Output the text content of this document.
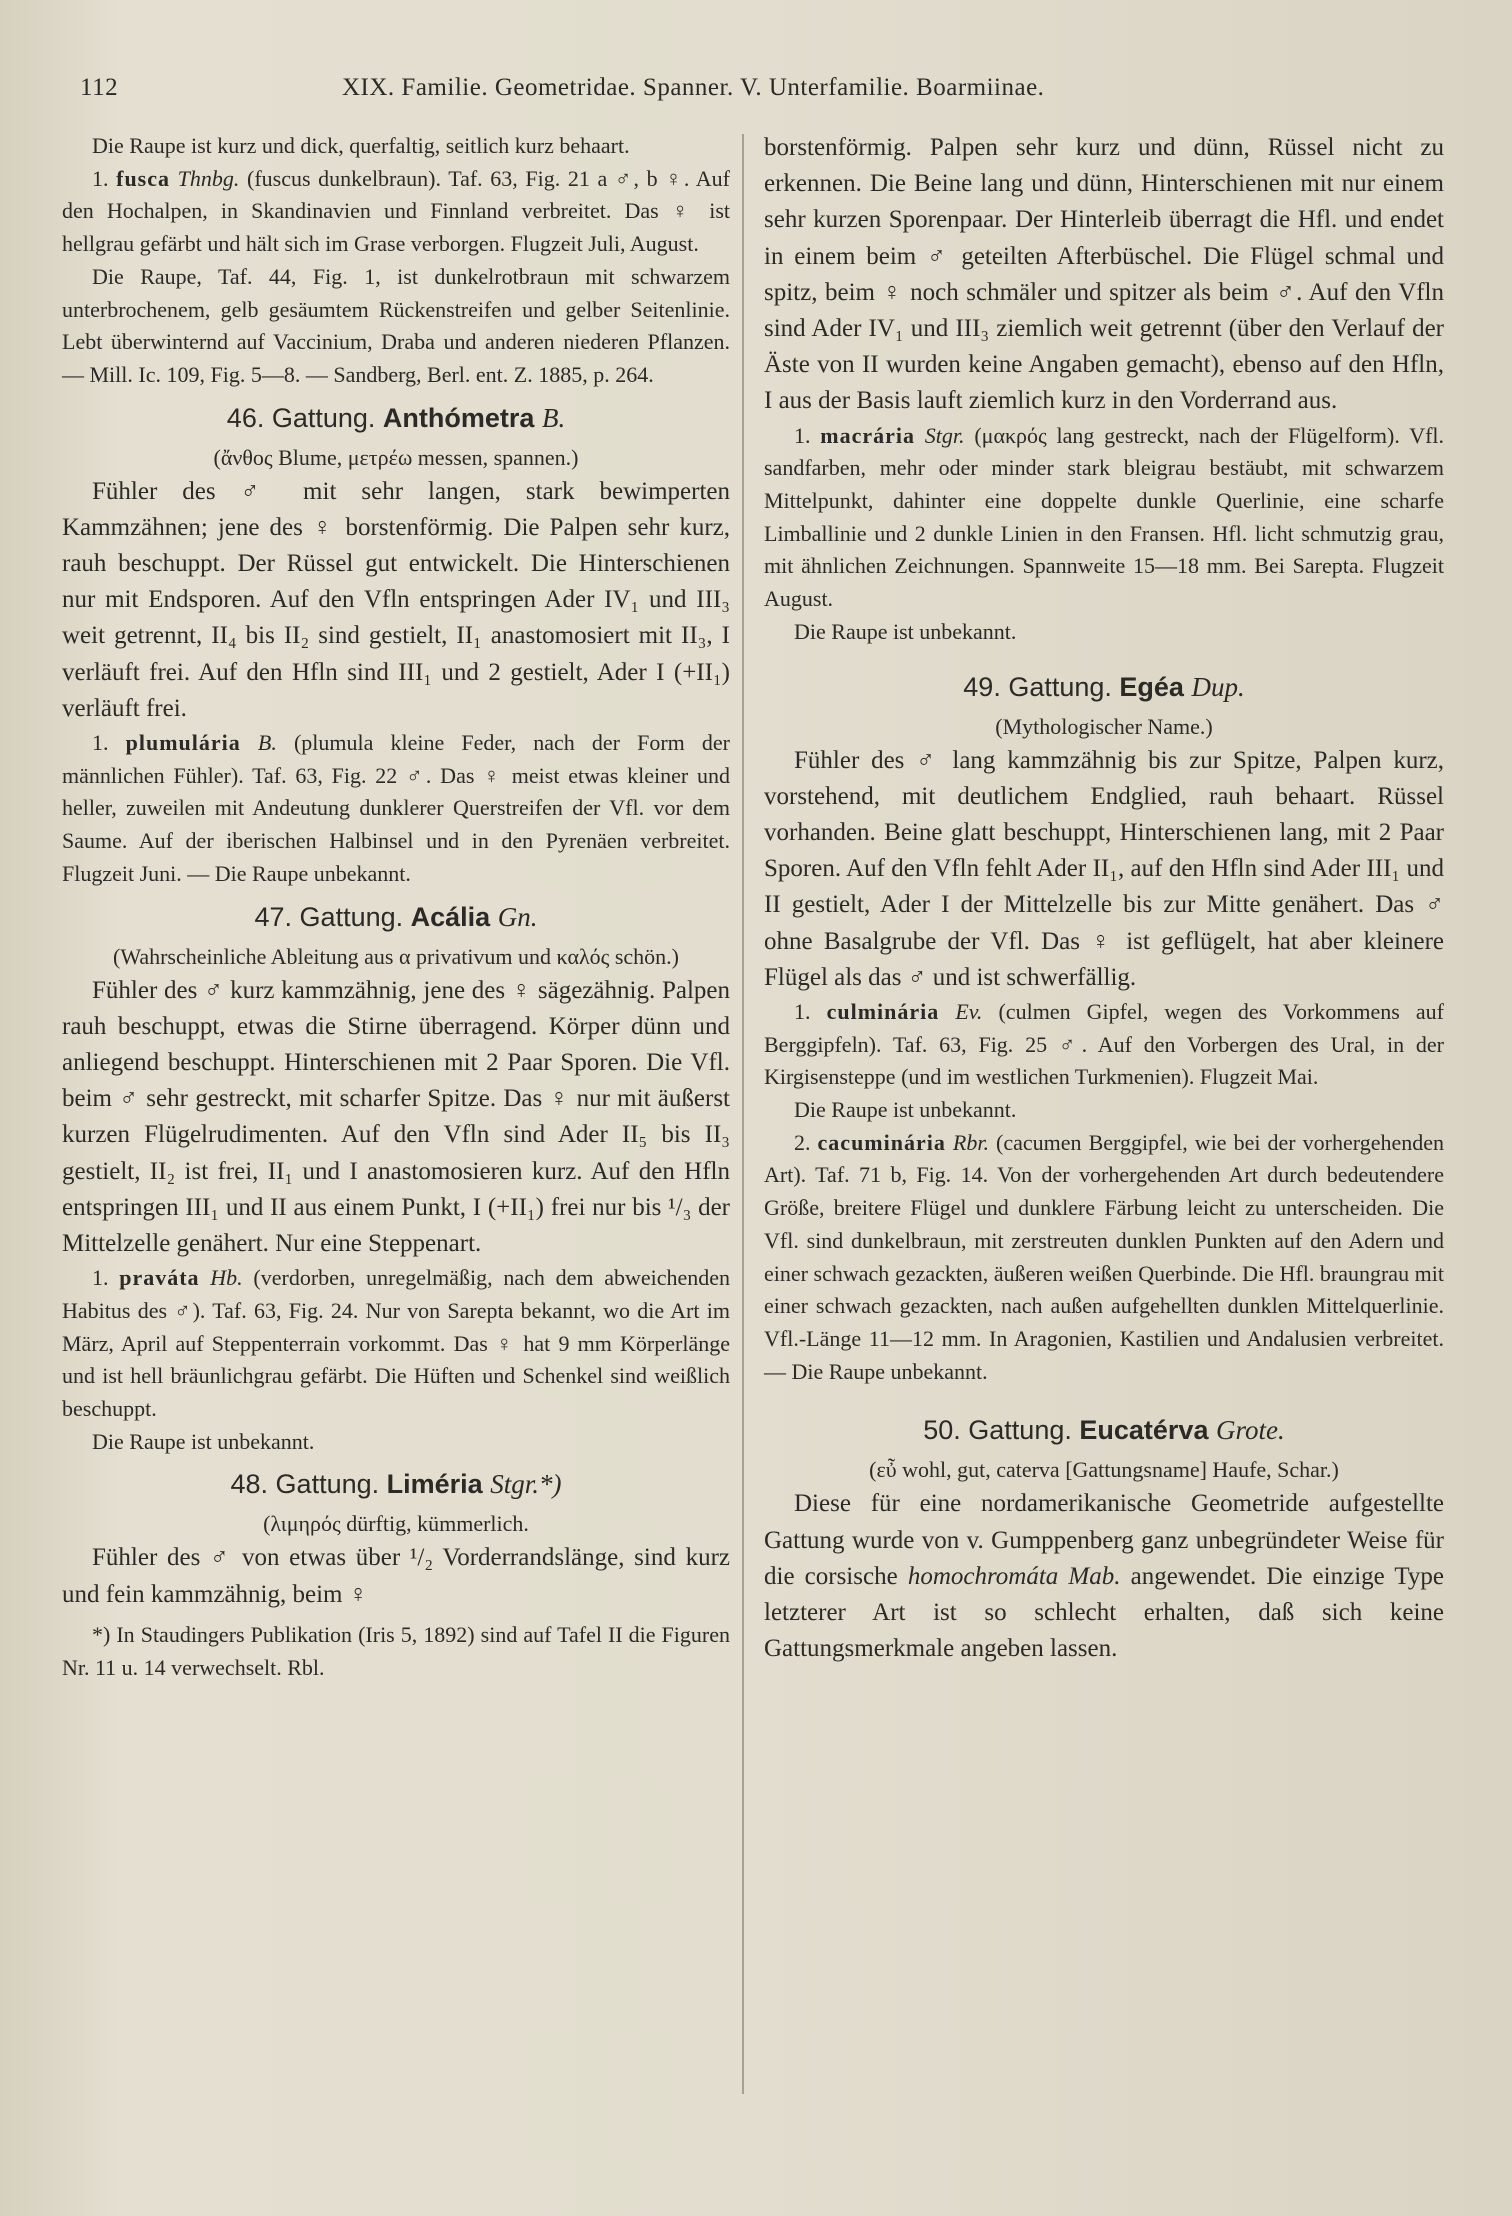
112	XIX. Familie. Geometridae. Spanner. V. Unterfamilie. Boarmiinae.

Die Raupe ist kurz und dick, querfaltig, seitlich kurz behaart.

1. fusca Thnbg. (fuscus dunkelbraun). Taf. 63, Fig. 21 a ♂, b ♀. Auf den Hochalpen, in Skandinavien und Finnland verbreitet. Das ♀ ist hellgrau gefärbt und hält sich im Grase verborgen. Flugzeit Juli, August.

Die Raupe, Taf. 44, Fig. 1, ist dunkelrotbraun mit schwarzem unterbrochenem, gelb gesäumtem Rückenstreifen und gelber Seitenlinie. Lebt überwinternd auf Vaccinium, Draba und anderen niederen Pflanzen. — Mill. Ic. 109, Fig. 5—8. — Sandberg, Berl. ent. Z. 1885, p. 264.

46. Gattung. Anthómetra B.

(ἄνθος Blume, μετρέω messen, spannen.)

Fühler des ♂ mit sehr langen, stark bewimperten Kammzähnen; jene des ♀ borstenförmig. Die Palpen sehr kurz, rauh beschuppt. Der Rüssel gut entwickelt. Die Hinterschienen nur mit Endsporen. Auf den Vfln entspringen Ader IV₁ und III₃ weit getrennt, II₄ bis II₂ sind gestielt, II₁ anastomosiert mit II₃, I verläuft frei. Auf den Hfln sind III₁ und 2 gestielt, Ader I (+II₁) verläuft frei.

1. plumulária B. (plumula kleine Feder, nach der Form der männlichen Fühler). Taf. 63, Fig. 22 ♂. Das ♀ meist etwas kleiner und heller, zuweilen mit Andeutung dunklerer Querstreifen der Vfl. vor dem Saume. Auf der iberischen Halbinsel und in den Pyrenäen verbreitet. Flugzeit Juni. — Die Raupe unbekannt.

47. Gattung. Acália Gn.

(Wahrscheinliche Ableitung aus α privativum und καλός schön.)

Fühler des ♂ kurz kammzähnig, jene des ♀ sägezähnig. Palpen rauh beschuppt, etwas die Stirne überragend. Körper dünn und anliegend beschuppt. Hinterschienen mit 2 Paar Sporen. Die Vfl. beim ♂ sehr gestreckt, mit scharfer Spitze. Das ♀ nur mit äußerst kurzen Flügelrudimenten. Auf den Vfln sind Ader II₅ bis II₃ gestielt, II₂ ist frei, II₁ und I anastomosieren kurz. Auf den Hfln entspringen III₁ und II aus einem Punkt, I (+II₁) frei nur bis ¹/₃ der Mittelzelle genähert. Nur eine Steppenart.

1. praváta Hb. (verdorben, unregelmäßig, nach dem abweichenden Habitus des ♂). Taf. 63, Fig. 24. Nur von Sarepta bekannt, wo die Art im März, April auf Steppenterrain vorkommt. Das ♀ hat 9 mm Körperlänge und ist hell bräunlichgrau gefärbt. Die Hüften und Schenkel sind weißlich beschuppt.

Die Raupe ist unbekannt.

48. Gattung. Liméria Stgr.*)

(λιμηρός dürftig, kümmerlich.

Fühler des ♂ von etwas über ¹/₂ Vorderrandslänge, sind kurz und fein kammzähnig, beim ♀

*) In Staudingers Publikation (Iris 5, 1892) sind auf Tafel II die Figuren Nr. 11 u. 14 verwechselt. Rbl.

borstenförmig. Palpen sehr kurz und dünn, Rüssel nicht zu erkennen. Die Beine lang und dünn, Hinterschienen mit nur einem sehr kurzen Sporenpaar. Der Hinterleib überragt die Hfl. und endet in einem beim ♂ geteilten Afterbüschel. Die Flügel schmal und spitz, beim ♀ noch schmäler und spitzer als beim ♂. Auf den Vfln sind Ader IV₁ und III₃ ziemlich weit getrennt (über den Verlauf der Äste von II wurden keine Angaben gemacht), ebenso auf den Hfln, I aus der Basis lauft ziemlich kurz in den Vorderrand aus.

1. macrária Stgr. (μακρός lang gestreckt, nach der Flügelform). Vfl. sandfarben, mehr oder minder stark bleigrau bestäubt, mit schwarzem Mittelpunkt, dahinter eine doppelte dunkle Querlinie, eine scharfe Limballinie und 2 dunkle Linien in den Fransen. Hfl. licht schmutzig grau, mit ähnlichen Zeichnungen. Spannweite 15—18 mm. Bei Sarepta. Flugzeit August.

Die Raupe ist unbekannt.

49. Gattung. Egéa Dup.

(Mythologischer Name.)

Fühler des ♂ lang kammzähnig bis zur Spitze, Palpen kurz, vorstehend, mit deutlichem Endglied, rauh behaart. Rüssel vorhanden. Beine glatt beschuppt, Hinterschienen lang, mit 2 Paar Sporen. Auf den Vfln fehlt Ader II₁, auf den Hfln sind Ader III₁ und II gestielt, Ader I der Mittelzelle bis zur Mitte genähert. Das ♂ ohne Basalgrube der Vfl. Das ♀ ist geflügelt, hat aber kleinere Flügel als das ♂ und ist schwerfällig.

1. culminária Ev. (culmen Gipfel, wegen des Vorkommens auf Berggipfeln). Taf. 63, Fig. 25 ♂. Auf den Vorbergen des Ural, in der Kirgisensteppe (und im westlichen Turkmenien). Flugzeit Mai.

Die Raupe ist unbekannt.

2. cacuminária Rbr. (cacumen Berggipfel, wie bei der vorhergehenden Art). Taf. 71 b, Fig. 14. Von der vorhergehenden Art durch bedeutendere Größe, breitere Flügel und dunklere Färbung leicht zu unterscheiden. Die Vfl. sind dunkelbraun, mit zerstreuten dunklen Punkten auf den Adern und einer schwach gezackten, äußeren weißen Querbinde. Die Hfl. braungrau mit einer schwach gezackten, nach außen aufgehellten dunklen Mittelquerlinie. Vfl.-Länge 11—12 mm. In Aragonien, Kastilien und Andalusien verbreitet. — Die Raupe unbekannt.

50. Gattung. Eucatérva Grote.

(εὖ wohl, gut, caterva [Gattungsname] Haufe, Schar.)

Diese für eine nordamerikanische Geometride aufgestellte Gattung wurde von v. Gumppenberg ganz unbegründeter Weise für die corsische homochromáta Mab. angewendet. Die einzige Type letzterer Art ist so schlecht erhalten, daß sich keine Gattungsmerkmale angeben lassen.
